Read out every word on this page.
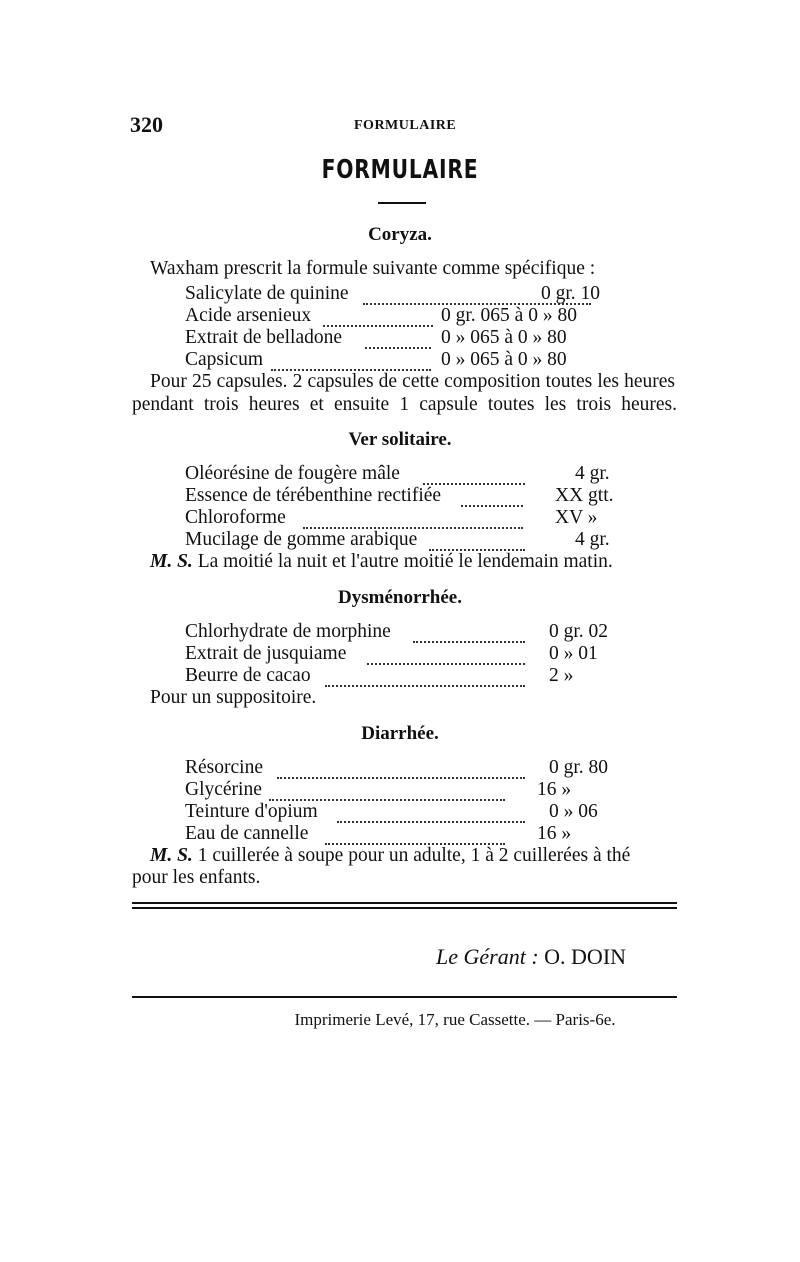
320	FORMULAIRE
FORMULAIRE
Coryza.
Waxham prescrit la formule suivante comme spécifique :
Salicylate de quinine	0 gr. 10
Acide arsenieux	0 gr. 065 à 0 » 80
Extrait de belladone	0 » 065 à 0 » 80
Capsicum	0 » 065 à 0 » 80
Pour 25 capsules. 2 capsules de cette composition toutes les heures
pendant trois heures et ensuite 1 capsule toutes les trois heures.
Ver solitaire.
Oléorésine de fougère mâle	4 gr.
Essence de térébenthine rectifiée	XX gtt.
Chloroforme	XV »
Mucilage de gomme arabique	4 gr.
M. S. La moitié la nuit et l'autre moitié le lendemain matin.
Dysménorrhée.
Chlorhydrate de morphine	0 gr. 02
Extrait de jusquiame	0 » 01
Beurre de cacao	2 »
Pour un suppositoire.
Diarrhée.
Résorcine	0 gr. 80
Glycérine	16 »
Teinture d'opium	0 » 06
Eau de cannelle	16 »
M. S. 1 cuillerée à soupe pour un adulte, 1 à 2 cuillerées à thé
pour les enfants.
Le Gérant : O. DOIN
Imprimerie Levé, 17, rue Cassette. — Paris-6e.
